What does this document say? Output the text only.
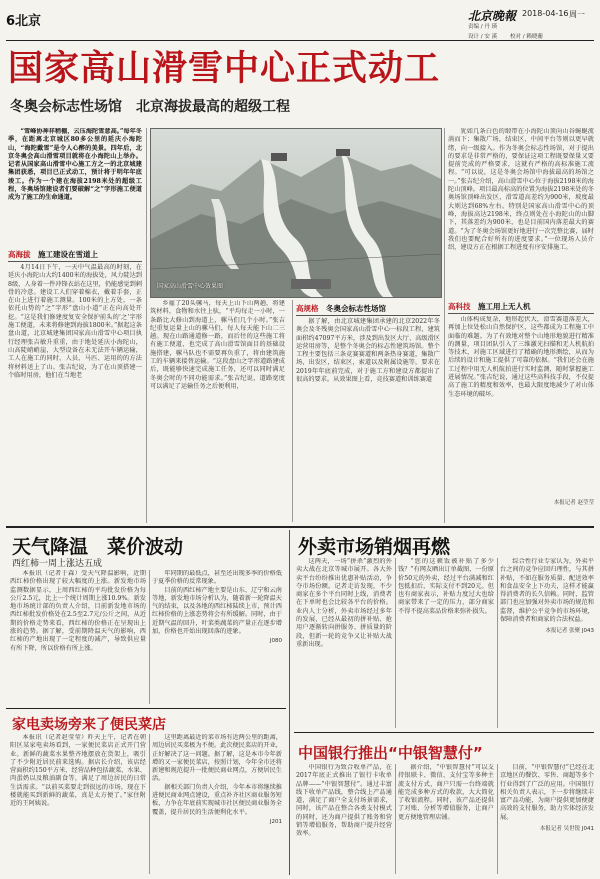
6北京	北京晚報 2018-04-16 周一
责编 / 丹 瑛
设计 / 安 溪 校对 / 赖晓蘅
国家高山滑雪中心正式动工
冬奥会标志性场馆　北京海拔最高的超级工程

“雪峰协神祥稍棚，云压海陀雪意高。”每年冬季，在距离北京城区80多公里的延庆小海陀山，“海陀戴雪”是令人心醉的美景。四年后，北京冬奥会高山滑雪项目就将在小海陀山上举办。记者从国家高山滑雪中心施工方之一的北京城建集团获悉，项目已正式动工，预计将于明年年底竣工。作为一个建在海拔2198米处的超级工程，冬奥场馆建设者们要破解“之”字形施工便道成为了施工的生命通道。

高海拔　 施工建设在雪道上

4月14日下午，一天中气温最高的时刻，在延庆小海陀山大约1400米的海拔处，风力陡达到8级，人身着一件冲锋衣站在这里，仍能感觉到刺骨的冷意。建设工人们穿着棉衣，戴着手套，正在山上进行着施工测量。100米的上方处，一条依托山势的“之”字形“盘山小道”正在向高处开挖。“这是我们修建度复安全保护前头的‘之’字形施工便道，未来将修建到海拔1800米。”据起这条盘山道，北京城建集团国家高山滑雪中心项目执行经理张吉敏升重重，由于地处延庆小海陀山，山高陡峭峭崖，大型设备在未无法开车辆运输，工人在施工的同时，人员、马匹、运用的的方法将材料送上了山。张吉纪说，为了在山顶搭建一个临时用房，他们在当地老

国家高山滑雪中心效果图

乡雇了20头骡马，每天上山下山两趟，将建筑材料，食物和水往上驮，“平均每走一小时，一条路比大修山到海道上，骡马们几个小时。”张吉纪重复运量上山的骡马们，每人每天能下山二三趟。现在山路通道修一路，而后往的这些施工将有施工便道，也完成了高山滑雪馆面目的基础设施搭建，骡马队也不需要再负重了，将由建筑施工的车辆来接替运输。“这段盘山之字形道路建成后，既能够快速完成施工任务，还可以同时满足冬奥会时的不同功能需求。”张吉纪说，道路宽度可以满足了运输任务之后便利用，

高规格　 冬奥会标志性场馆

据了解，由北京城建集团承建的北京2022年冬奥会及冬残奥会国家高山滑雪中心一标段工程，建筑面积约47097平方米，涉及到出发区大厅、高级滑区运营用房等，是整个冬奥会的标志性建筑场馆。整个工程主要包括三条竞赛赛道和两条热身赛道，集散广场，出发区，结束区，索道以及附属设施等，要求在2019年年底前完成，对于施工方和建设方都提出了很高的要求。从效果图上看，竞技赛道和训练赛道

犹如几条白色的缎带在小海陀山顶向山谷蜿蜒流淌而下；集散广场，结束区，中间平台等则以更早就绪，向一级接入。作为冬奥会标志性场馆，对于提出的要求是非常严格的，要保证这项工程既要保量又要提前完成的严格要求，这就有严格的高标准施工流程。“可以说，这是冬奥会场馆中海拔最高的场馆之一。”张吉纪介绍，高山滑雪中心位于海拔2198米的海陀山顶峰。项目最高标高的位置为海拔2198米处的冬奥场馆顶峰出发区，滑雪道高差约为900米，坡度最大则达到68%左右。特别是国家高山滑雪中心的顶峰，海拔高达2198米，终点则处在小海陀山的山脚下，其落差约为900米，也是目前国内落差最大的赛道。“为了冬奥会场馆更好地进行一次完整比赛，届时我们也要配合好所有的进度要求。”一位现场人员介绍，建设方正在根据工程进度有序安排施工。

高科技　 施工用上无人机

山体构成复杂，地形起伏大，滑雪赛道落差大，再加上位处松山自然保护区，这些都成为工程施工中面临的难题。为了有效地对整个山地形地貌进行精准的测量，项目团队引入了三维激光扫描和无人机航拍等技术，对施工区域进行了精确的地形测绘，从而为后续的设计和施工提供了可靠的依据。“我们还会在施工过程中用无人机航拍进行实时监测，随时掌握施工进展情况。”张吉纪说，通过这些高科技手段，不仅提高了施工的精度和效率，也最大限度地减少了对山体生态环境的破坏。

本报记者 赵莹莹
天气降温　菜价波动
西红柿一周上涨达五成

本报讯（记者于森）受天气降温影响，近期西红柿价格出现了较大幅度的上涨。新发地市场监测数据显示，上周西红柿的平均批发价格为每公斤2.5元，比上一个统计周期上涨10.9%。新发地市场统计部的负责人介绍，目前新发地市场的西红柿批发价格处在2.5至2.7元/公斤之间，从近期的价格走势来看，西红柿的价格正在呈现出上涨的趋势。据了解，受前期降温天气的影响，西红柿的产地出现了一定程度的减产，导致供应量有所下降，所以价格有所上涨。

年同期的最低点，甚至还出现多季的价格低于夏季价格的反常现象。

目前的西红柿产地主要是山东、辽宁和云南等地，新发地市场分析认为，随着新一轮降温天气的结束，以及各地的西红柿陆续上市，预计西红柿价格的上涨态势将会有所缓解。同时，由于近期气温的回升，叶菜类蔬菜的产量正在逐步增加，价格也开始出现回落的迹象。

J080
家电卖场旁来了便民菜店

本报讯（记者赵莹莹）昨天上午，记者在朝阳区某家电卖场看到，一家便民菜店正式开门营业。新鲜的蔬菜水果整齐地摆放在货架上，吸引了不少附近居民前来选购。据店长介绍，该店经营面积约150平方米，经营品种包括蔬菜、水果、肉蛋奶以及粮油副食等，满足了周边居民的日常生活需求。“以前买菜要走到很远的市场，现在下楼就能买到新鲜的蔬菜，真是太方便了。”家住附近的王阿姨说。

这里距离最近的菜市场有近两公里的距离，周边居民买菜极为不便。此次便民菜店的开业，正好解决了这一问题。据了解，这是本市今年新增的又一家便民菜店，按照计划，今年全市还将新建和规范提升一批便民商业网点，方便居民生活。

据相关部门负责人介绍，今年本市将继续推进便民商业网点建设，重点补齐社区商业服务短板，力争在年底前实现城市社区便民商业服务全覆盖，提升居民的生活便利化水平。

J201
外卖市场销烟再燃

这两天，一场“拼杀”激烈的外卖大战在北京等城市展开。各大外卖平台纷纷推出优惠补贴活动，争夺市场份额。记者走访发现，不少商家在多个平台同时上线，消费者在下单时也会比较各平台的价格。业内人士分析，外卖市场经过多年的发展，已经从最初的拼补贴、抢用户逐渐转向拼服务、拼质量的阶段，但新一轮的竞争又让补贴大战重新出现。

“您的这顿饭被补贴了多少钱？”有网友晒出订单截图，一份原价50元的外卖，经过平台满减和红包抵扣后，实际支付不到20元。但也有商家表示，补贴力度过大也给商家带来了一定的压力，部分商家不得不提高菜品价格来弥补损失。

综合性行业专家认为，外卖平台之间的竞争应回归理性，与其拼补贴，不如在服务质量、配送效率和食品安全上下功夫，这样才能赢得消费者的长久信赖。同时，监管部门也应加强对外卖市场的规范和监督，维护公平竞争的市场环境，保障消费者和商家的合法权益。

本报记者 张聚 J043
中国银行推出“中银智慧付”

中国银行为致合收单产品，在2017年底正式推出了银行卡收单品牌——“中银智慧付”。通过丰富线下收单产品线，整合线上产品通道，满足了商户全支付场景需求，同时，该产品在整合各类支付模式的同时，还为商户提供了账务和营销等增值服务，帮助商户提升经营效率。

据介绍，“中银智慧付”可以支持银联卡、微信、支付宝等多种主流支付方式，商户只需一台终端就能完成多种方式的收款，大大简化了收银流程。同时，该产品还提供了对账、分析等增值服务，让商户更方便地管理店铺。

目前，“中银智慧付”已经在北京地区的餐饮、零售、商超等多个行业得到了广泛的应用。中国银行相关负责人表示，下一步将继续丰富产品功能，为商户提供更加便捷高效的支付服务，助力实体经济发展。

本报记者 吴世锐 J041
